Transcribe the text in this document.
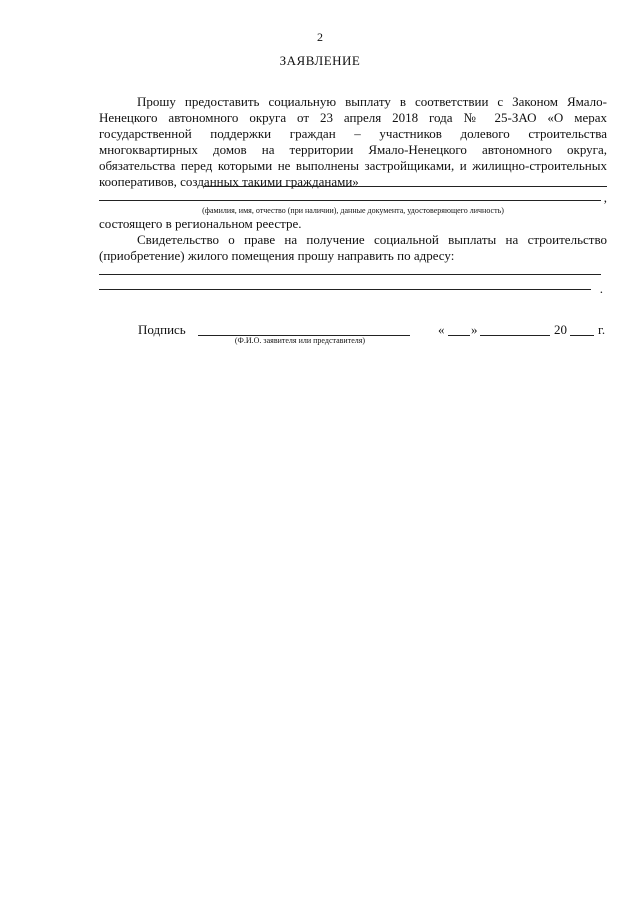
2
ЗАЯВЛЕНИЕ

Прошу предоставить социальную выплату в соответствии с Законом Ямало-Ненецкого автономного округа от 23 апреля 2018 года № 25-ЗАО «О мерах государственной поддержки граждан – участников долевого строительства многоквартирных домов на территории Ямало-Ненецкого автономного округа, обязательства перед которыми не выполнены застройщиками, и жилищно-строительных кооперативов, созданных такими гражданами»

,
(фамилия, имя, отчество (при наличии), данные документа, удостоверяющего личность)
состоящего в региональном реестре.

Свидетельство о праве на получение социальной выплаты на строительство (приобретение) жилого помещения прошу направить по адресу:

.
Подпись	« »	20 г.
(Ф.И.О. заявителя или представителя)
